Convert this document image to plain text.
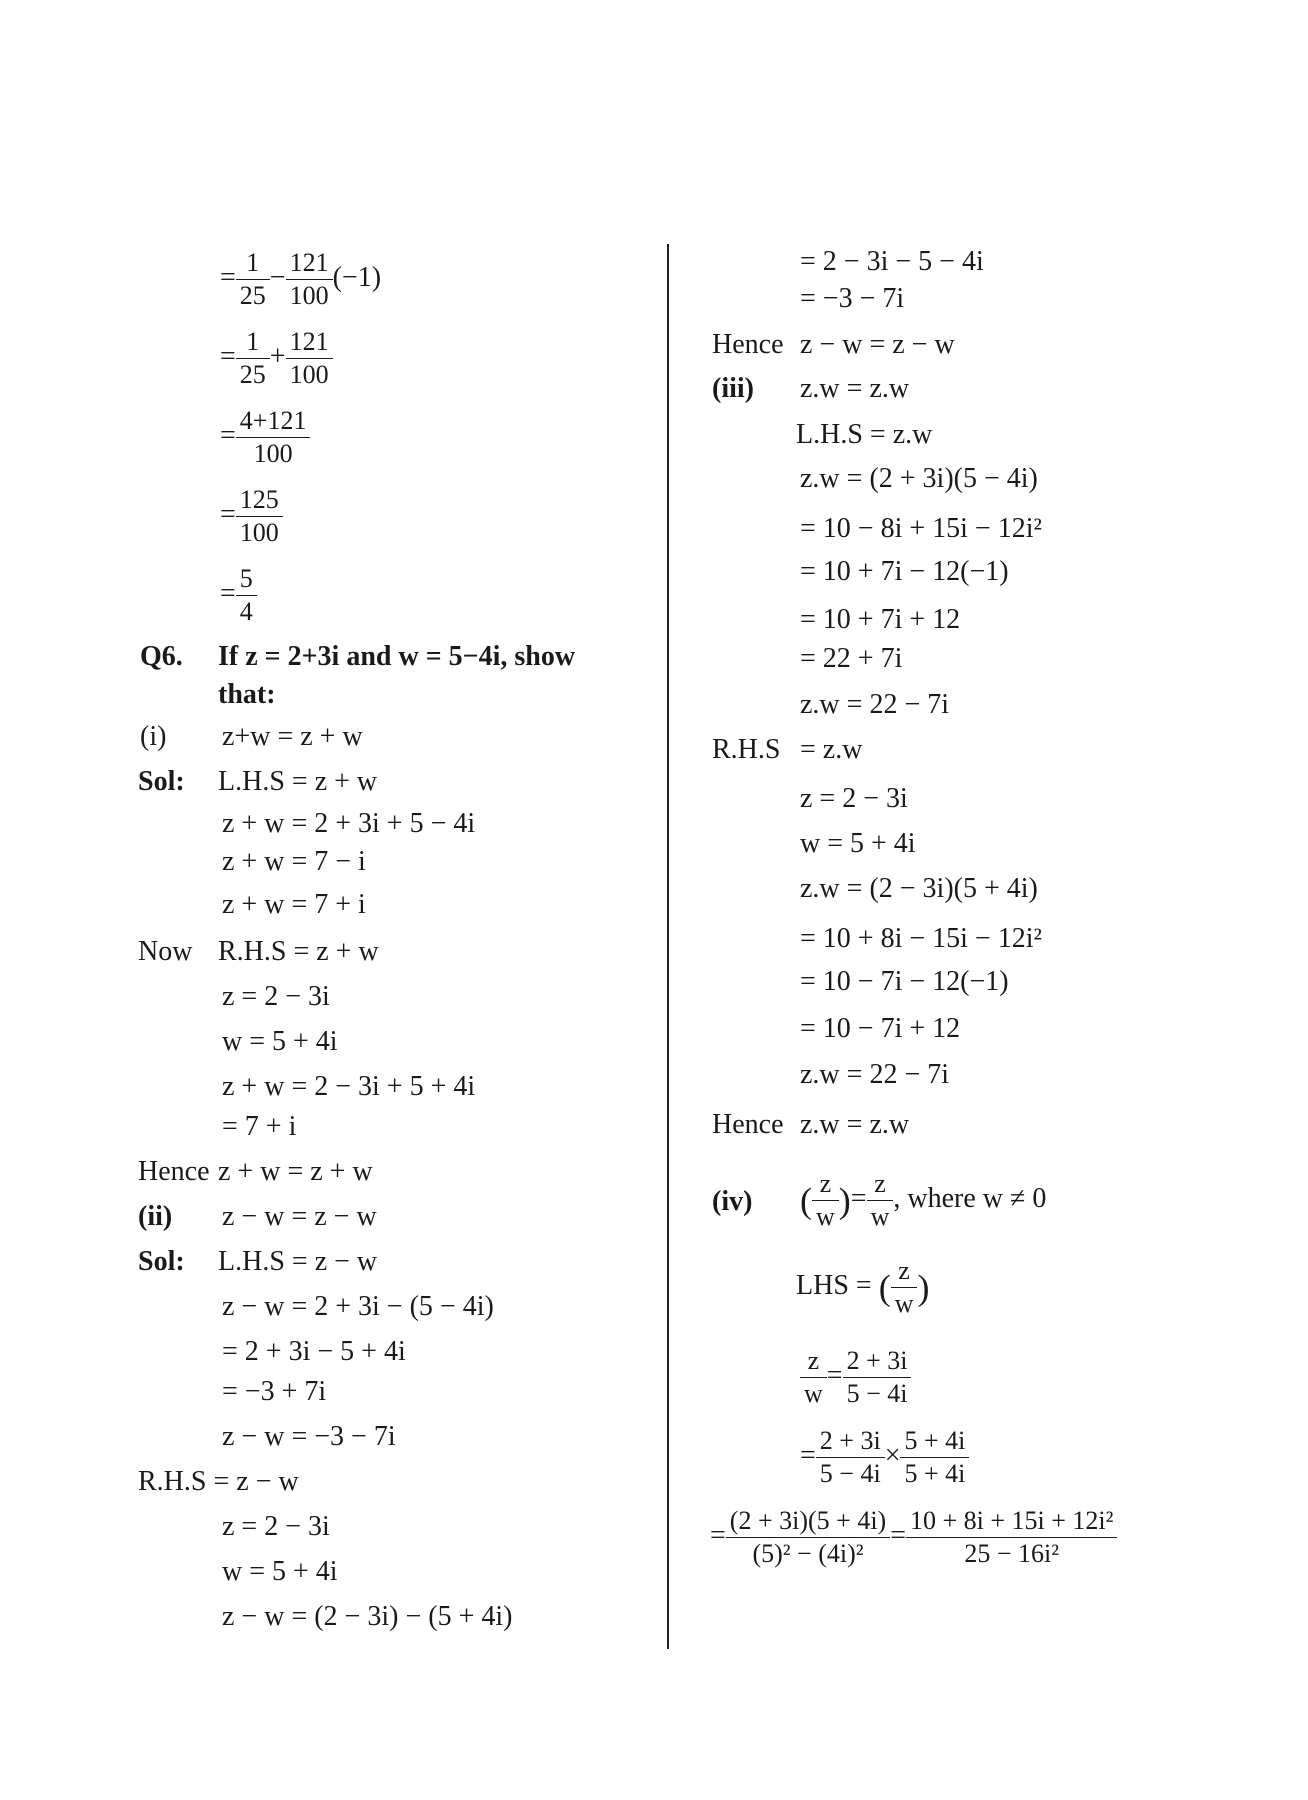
= $\frac{1}{25} - \frac{121}{100} (-1)$
= $\frac{1}{25} + \frac{121}{100}$
= $\frac{4+121}{100}$
= $\frac{125}{100}$
= $\frac{5}{4}$
Q6. If z = 2+3i and w = 5−4i, show
that:
(i) z+w = z + w
Sol: L.H.S = z + w
z + w = 2 + 3i + 5 − 4i
z + w = 7 − i
z + w = 7 + i
Now R.H.S = z + w
z = 2 − 3i
w = 5 + 4i
z + w = 2 − 3i + 5 + 4i
= 7 + i
Hence z + w = z + w
(ii) z − w = z − w
Sol: L.H.S = z − w
z − w = 2 + 3i − (5 − 4i)
= 2 + 3i − 5 + 4i
= −3 + 7i
z − w = −3 − 7i
R.H.S = z − w
z = 2 − 3i
w = 5 + 4i
z − w = (2 − 3i) − (5 + 4i)
= 2 − 3i − 5 − 4i
= −3 − 7i
Hence z − w = z − w
(iii) z.w = z.w
L.H.S = z.w
z.w = (2 + 3i)(5 − 4i)
= 10 − 8i + 15i − 12i²
= 10 + 7i − 12(−1)
= 10 + 7i + 12
= 22 + 7i
z.w = 22 − 7i
R.H.S = z.w
z = 2 − 3i
w = 5 + 4i
z.w = (2 − 3i)(5 + 4i)
= 10 + 8i − 15i − 12i²
= 10 − 7i − 12(−1)
= 10 − 7i + 12
z.w = 22 − 7i
Hence z.w = z.w
(iv) ( $\frac{z}{w}$ )= $\frac{z}{w}$ , where w ≠ 0
LHS = ( $\frac{z}{w}$ )
$\frac{z}{w} = \frac{2 + 3i}{5 - 4i}$
= $\frac{2 + 3i}{5 - 4i} \times \frac{5 + 4i}{5 + 4i}$
= $\frac{(2 + 3i)(5 + 4i)}{\text{(5)² − (4i)²}} = \frac{\text{10 + 8i + 15i + 12i²}}{\text{25 − 16i²}}$
